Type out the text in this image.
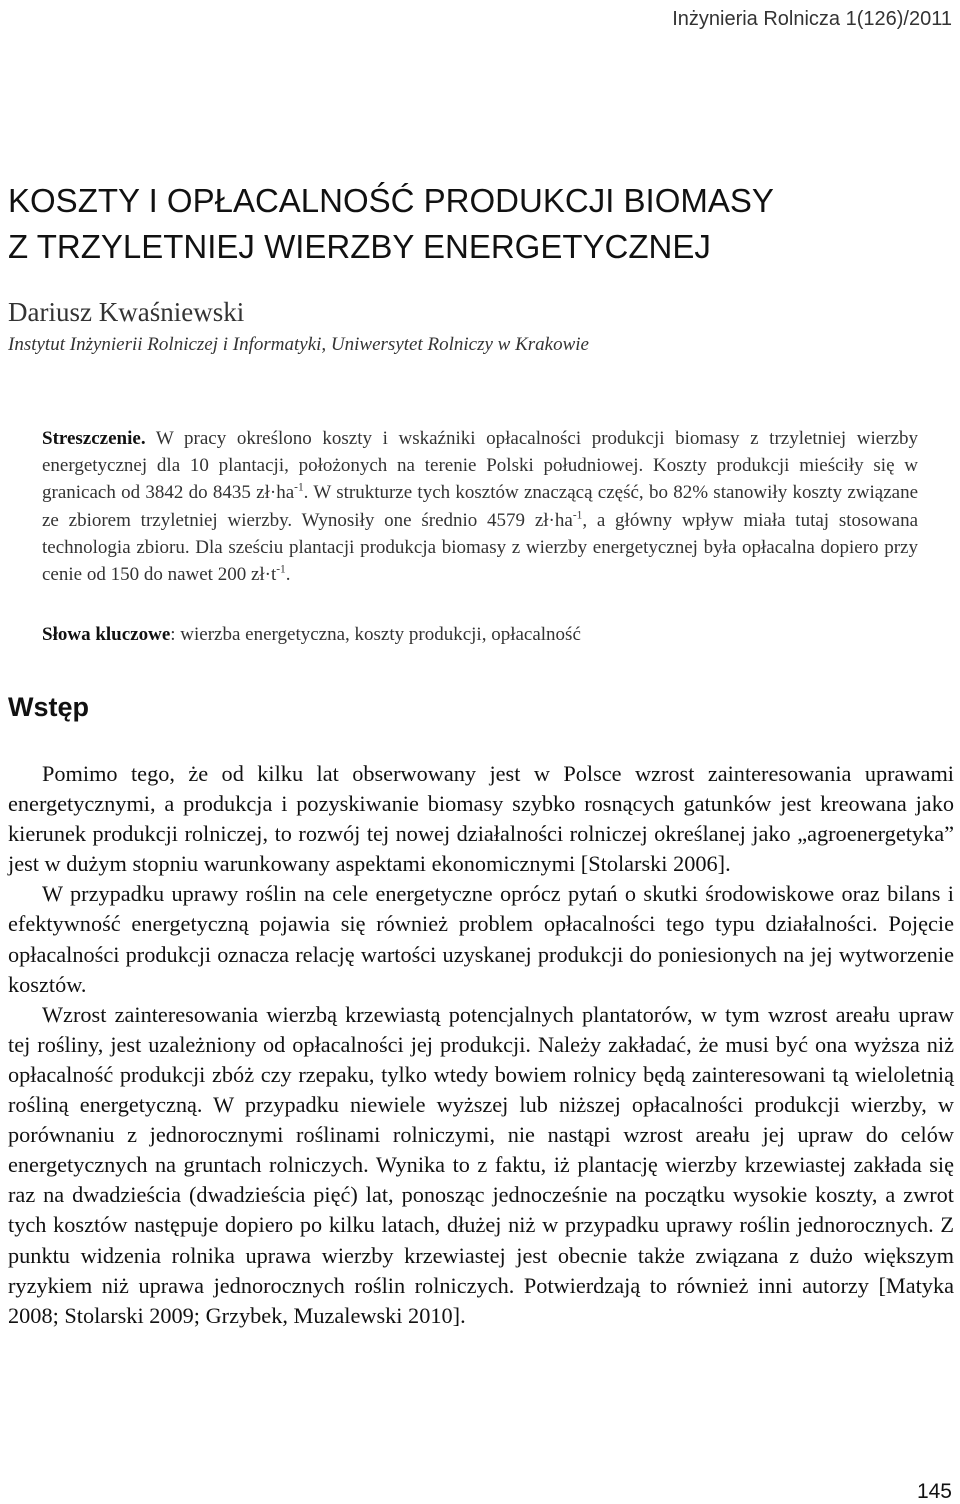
Inżynieria Rolnicza 1(126)/2011
KOSZTY I OPŁACALNOŚĆ PRODUKCJI BIOMASY
Z TRZYLETNIEJ WIERZBY ENERGETYCZNEJ
Dariusz Kwaśniewski
Instytut Inżynierii Rolniczej i Informatyki, Uniwersytet Rolniczy w Krakowie

Streszczenie. W pracy określono koszty i wskaźniki opłacalności produkcji biomasy z trzyletniej wierzby energetycznej dla 10 plantacji, położonych na terenie Polski południowej. Koszty produkcji mieściły się w granicach od 3842 do 8435 $zł\cdot ha^{-1}$. W strukturze tych kosztów znaczącą część, bo 82% stanowiły koszty związane ze zbiorem trzyletniej wierzby. Wynosiły one średnio 4579 $zł\cdot ha^{-1}$, a główny wpływ miała tutaj stosowana technologia zbioru. Dla sześciu plantacji produkcja biomasy z wierzby energetycznej była opłacalna dopiero przy cenie od 150 do nawet 200 $zł\cdot t^{-1}$.

Słowa kluczowe: wierzba energetyczna, koszty produkcji, opłacalność

Wstęp

Pomimo tego, że od kilku lat obserwowany jest w Polsce wzrost zainteresowania uprawami energetycznymi, a produkcja i pozyskiwanie biomasy szybko rosnących gatunków jest kreowana jako kierunek produkcji rolniczej, to rozwój tej nowej działalności rolniczej określanej jako „agroenergetyka” jest w dużym stopniu warunkowany aspektami ekonomicznymi [Stolarski 2006].

W przypadku uprawy roślin na cele energetyczne oprócz pytań o skutki środowiskowe oraz bilans i efektywność energetyczną pojawia się również problem opłacalności tego typu działalności. Pojęcie opłacalności produkcji oznacza relację wartości uzyskanej produkcji do poniesionych na jej wytworzenie kosztów.

Wzrost zainteresowania wierzbą krzewiastą potencjalnych plantatorów, w tym wzrost areału upraw tej rośliny, jest uzależniony od opłacalności jej produkcji. Należy zakładać, że musi być ona wyższa niż opłacalność produkcji zbóż czy rzepaku, tylko wtedy bowiem rolnicy będą zainteresowani tą wieloletnią rośliną energetyczną. W przypadku niewiele wyższej lub niższej opłacalności produkcji wierzby, w porównaniu z jednorocznymi roślinami rolniczymi, nie nastąpi wzrost areału jej upraw do celów energetycznych na gruntach rolniczych. Wynika to z faktu, iż plantację wierzby krzewiastej zakłada się raz na dwadzieścia (dwadzieścia pięć) lat, ponosząc jednocześnie na początku wysokie koszty, a zwrot tych kosztów następuje dopiero po kilku latach, dłużej niż w przypadku uprawy roślin jednorocznych. Z punktu widzenia rolnika uprawa wierzby krzewiastej jest obecnie także związana z dużo większym ryzykiem niż uprawa jednorocznych roślin rolniczych. Potwierdzają to również inni autorzy [Matyka 2008; Stolarski 2009; Grzybek, Muzalewski 2010].

145
